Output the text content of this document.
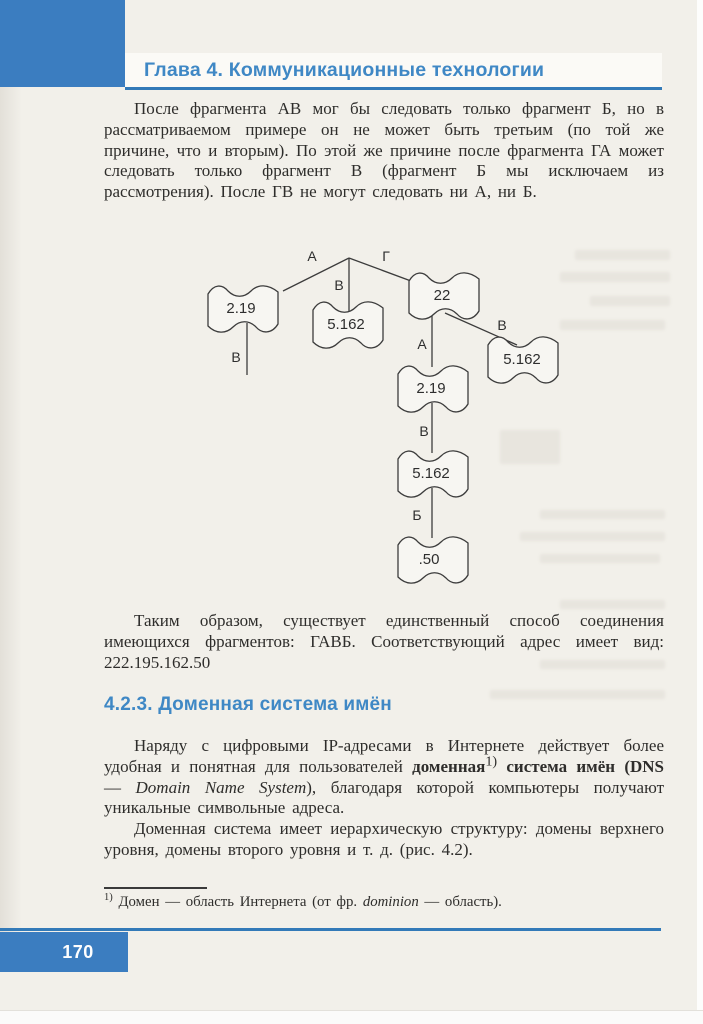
Глава 4. Коммуникационные технологии

После фрагмента АВ мог бы следовать только фрагмент Б, но в рассматриваемом примере он не может быть третьим (по той же причине, что и вторым). По этой же причине после фрагмента ГА может следовать только фрагмент В (фрагмент Б мы исключаем из рассмотрения). После ГВ не могут следовать ни А, ни Б.

2.19
5.162
22
5.162
2.19
5.162
.50
А
В
Г
В
А
В
В
Б

Таким образом, существует единственный способ соединения имеющихся фрагментов: ГАВБ. Соответствующий адрес имеет вид: 222.195.162.50

4.2.3. Доменная система имён

Наряду с цифровыми IP-адресами в Интернете действует более удобная и понятная для пользователей доменная$^{1)}$ система имён (DNS — Domain Name System), благодаря которой компьютеры получают уникальные символьные адреса.

Доменная система имеет иерархическую структуру: домены верхнего уровня, домены второго уровня и т. д. (рис. 4.2).

$^{1)}$ Домен — область Интернета (от фр. dominion — область).
170
